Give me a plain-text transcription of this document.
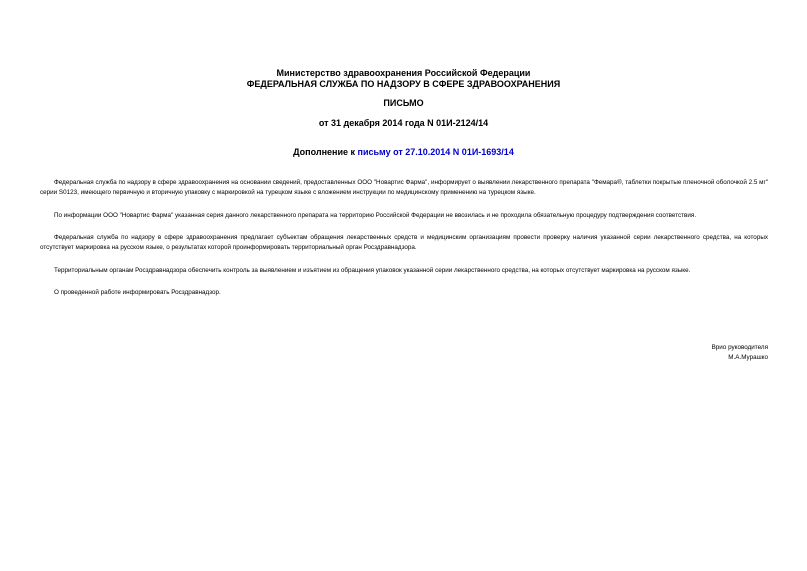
Министерство здравоохранения Российской Федерации
ФЕДЕРАЛЬНАЯ СЛУЖБА ПО НАДЗОРУ В СФЕРЕ ЗДРАВООХРАНЕНИЯ
ПИСЬМО
от 31 декабря 2014 года N 01И-2124/14
Дополнение к письму от 27.10.2014 N 01И-1693/14

Федеральная служба по надзору в сфере здравоохранения на основании сведений, предоставленных ООО "Новартис Фарма", информирует о выявлении лекарственного препарата "Фемара®, таблетки покрытые пленочной оболочкой 2.5 мг" серии S0123, имеющего первичную и вторичную упаковку с маркировкой на турецком языке с вложением инструкции по медицинскому применению на турецком языке.

По информации ООО "Новартис Фарма" указанная серия данного лекарственного препарата на территорию Российской Федерации не ввозилась и не проходила обязательную процедуру подтверждения соответствия.

Федеральная служба по надзору в сфере здравоохранения предлагает субъектам обращения лекарственных средств и медицинским организациям провести проверку наличия указанной серии лекарственного средства, на которых отсутствует маркировка на русском языке, о результатах которой проинформировать территориальный орган Росздравнадзора.

Территориальным органам Росздравнадзора обеспечить контроль за выявлением и изъятием из обращения упаковок указанной серии лекарственного средства, на которых отсутствует маркировка на русском языке.

О проведенной работе информировать Росздравнадзор.

Врио руководителя
М.А.Мурашко
